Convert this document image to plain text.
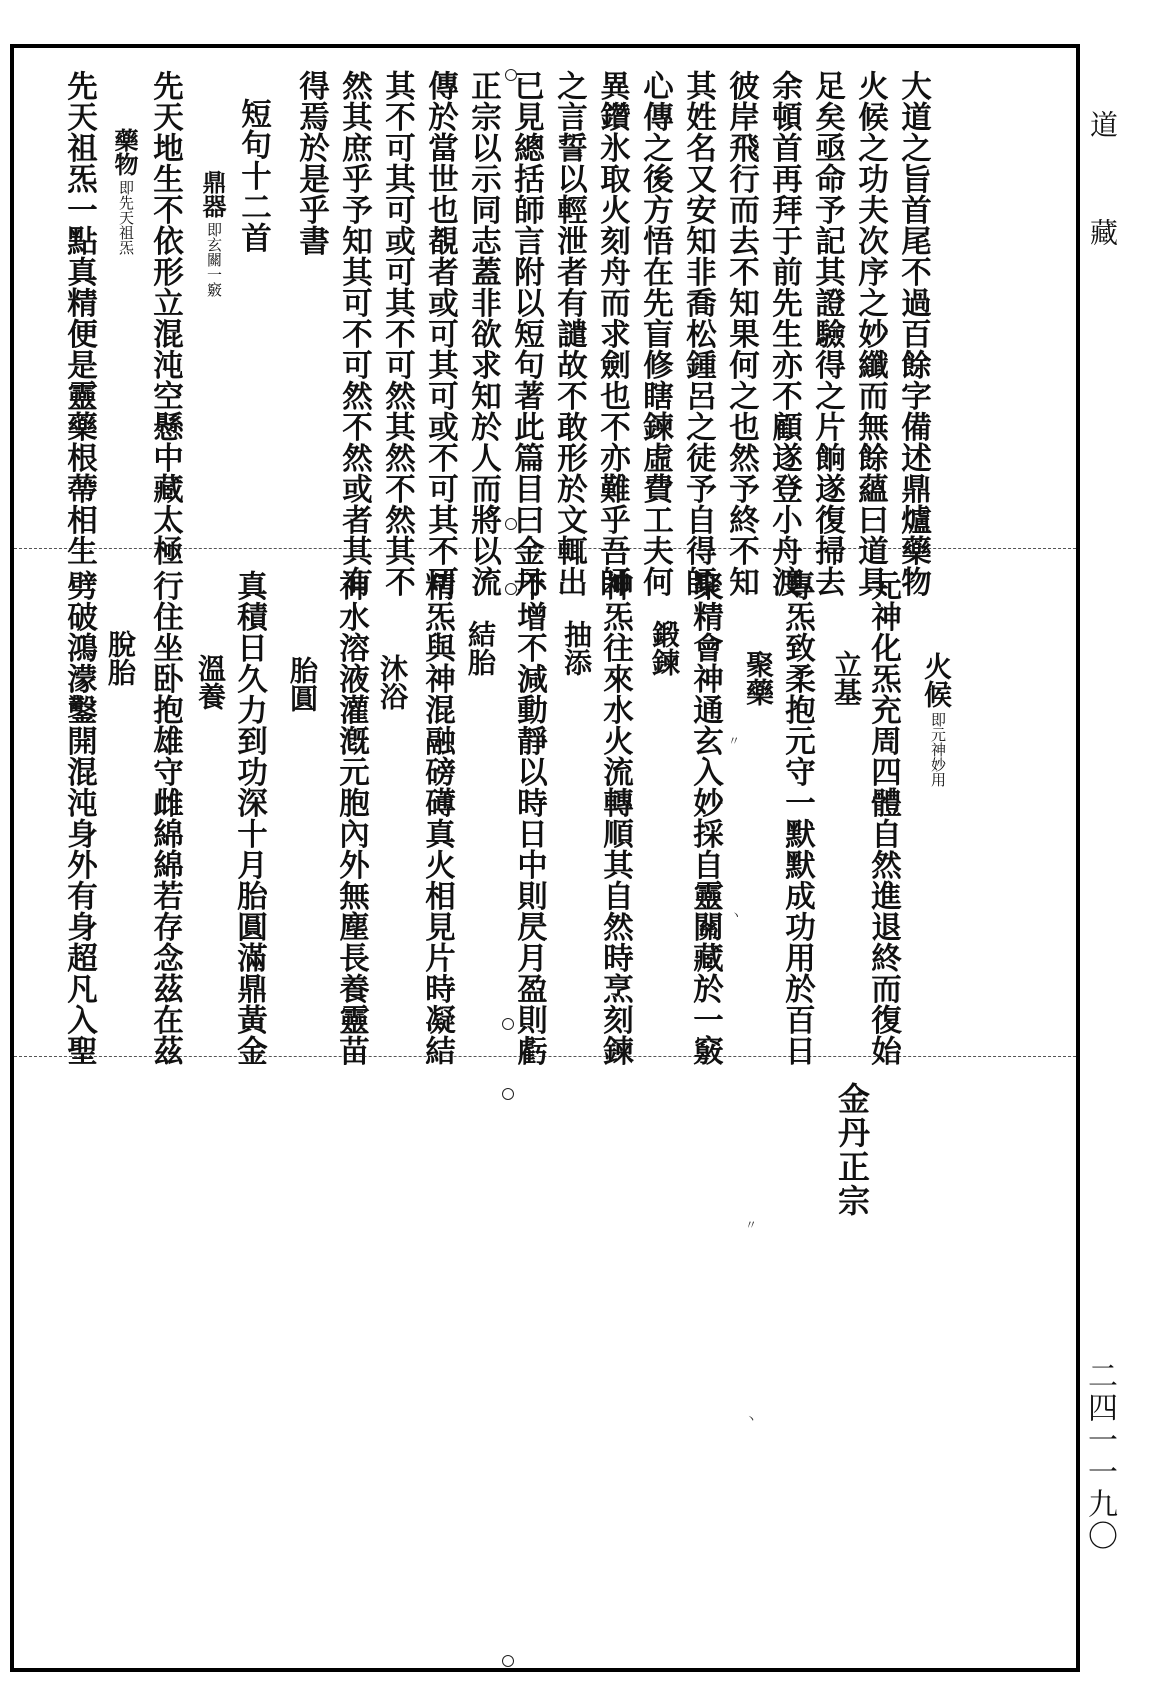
道藏
二四一一九〇
大道之旨首尾不過百餘字備述鼎爐藥物
火候之功夫次序之妙纖而無餘蘊曰道具
足矣亟命予記其證驗得之片餉遂復掃去
余頓首再拜于前先生亦不顧遂登小舟渡
彼岸飛行而去不知果何之也然予終不知
其姓名又安知非喬松鍾呂之徒予自得師
心傳之後方悟在先盲修瞎鍊虛費工夫何
異鑽氷取火刻舟而求劍也不亦難乎吾師
之言誓以輕泄者有譴故不敢形於文輒出
已見總括師言附以短句著此篇目曰金丹
正宗以示同志蓋非欲求知於人而將以流
傳於當世也覩者或可其可或不可其不可
其不可其可或可其不可然其然不然其不
然其庶乎予知其可不可然不然或者其有
得焉於是乎書
短句十二首
鼎器
即玄關一竅
先天地生不依形立混沌空懸中藏太極
藥物
即先天祖炁
先天祖炁一點真精便是靈藥根蔕相生
火候
即元神妙用
元神化炁充周四體自然進退終而復始
立基
專炁致柔抱元守一默默成功用於百日
聚藥
聚精會神通玄入妙採自靈關藏於一竅
鍛鍊
神炁往來水火流轉順其自然時烹刻鍊
抽添
不增不減動靜以時日中則昃月盈則虧
結胎
精炁與神混融磅礡真火相見片時凝結
沐浴
神水溶液灌漑元胞內外無塵長養靈苗
胎圓
真積日久力到功深十月胎圓滿鼎黃金
溫養
行住坐卧抱雄守雌綿綿若存念茲在茲
脫胎
劈破鴻濛鑿開混沌身外有身超凡入聖
金丹正宗
〃
ヽ
〃
丶
